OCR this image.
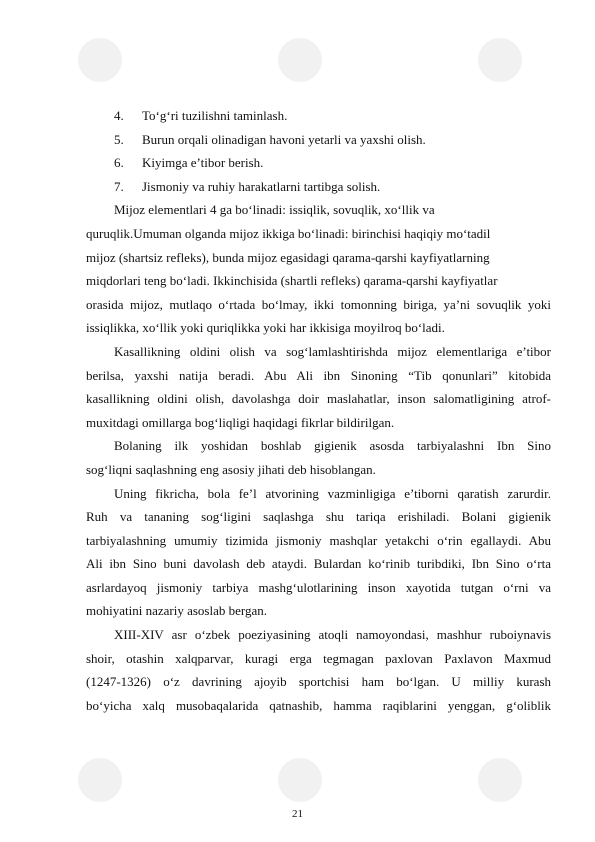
4. To‘g‘ri tuzilishni taminlash.
5. Burun orqali olinadigan havoni yetarli va yaxshi olish.
6. Kiyimga e’tibor berish.
7. Jismoniy va ruhiy harakatlarni tartibga solish.

Mijoz elementlari 4 ga bo‘linadi: issiqlik, sovuqlik, xo‘llik va

quruqlik.Umuman olganda mijoz ikkiga bo‘linadi: birinchisi haqiqiy mo‘tadil

mijoz (shartsiz refleks), bunda mijoz egasidagi qarama-qarshi kayfiyatlarning

miqdorlari teng bo‘ladi. Ikkinchisida (shartli refleks) qarama-qarshi kayfiyatlar

orasida mijoz, mutlaqo o‘rtada bo‘lmay, ikki tomonning biriga, ya’ni sovuqlik yoki

issiqlikka, xo‘llik yoki quriqlikka yoki har ikkisiga moyilroq bo‘ladi.

Kasallikning oldini olish va sog‘lamlashtirishda mijoz elementlariga e’tibor

berilsa, yaxshi natija beradi. Abu Ali ibn Sinoning “Tib qonunlari” kitobida

kasallikning oldini olish, davolashga doir maslahatlar, inson salomatligining atrof-

muxitdagi omillarga bog‘liqligi haqidagi fikrlar bildirilgan.

Bolaning ilk yoshidan boshlab gigienik asosda tarbiyalashni Ibn Sino

sog‘liqni saqlashning eng asosiy jihati deb hisoblangan.

Uning fikricha, bola fe’l atvorining vazminligiga e’tiborni qaratish zarurdir.

Ruh va tananing sog‘ligini saqlashga shu tariqa erishiladi. Bolani gigienik

tarbiyalashning umumiy tizimida jismoniy mashqlar yetakchi o‘rin egallaydi. Abu

Ali ibn Sino buni davolash deb ataydi. Bulardan ko‘rinib turibdiki, Ibn Sino o‘rta

asrlardayoq jismoniy tarbiya mashg‘ulotlarining inson xayotida tutgan o‘rni va

mohiyatini nazariy asoslab bergan.

XIII-XIV asr o‘zbek poeziyasining atoqli namoyondasi, mashhur ruboiynavis

shoir, otashin xalqparvar, kuragi erga tegmagan paxlovan Paxlavon Maxmud

(1247-1326) o‘z davrining ajoyib sportchisi ham bo‘lgan. U milliy kurash

bo‘yicha xalq musobaqalarida qatnashib, hamma raqiblarini yenggan, g‘oliblik

21
